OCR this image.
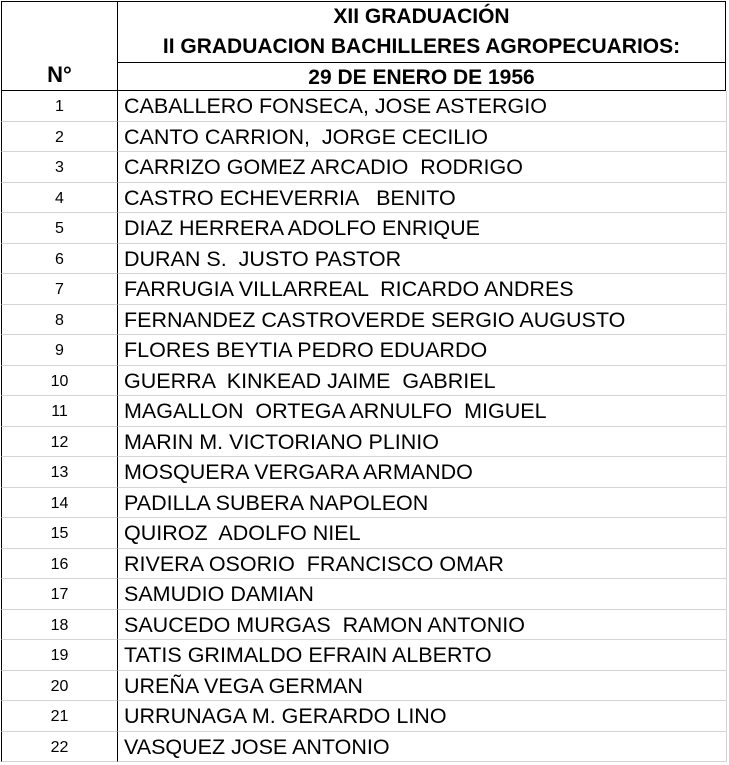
N°
XII GRADUACIÓN
II GRADUACION BACHILLERES AGROPECUARIOS:
29 DE ENERO DE 1956
1	CABALLERO FONSECA, JOSE ASTERGIO
2	CANTO CARRION,  JORGE CECILIO
3	CARRIZO GOMEZ ARCADIO  RODRIGO
4	CASTRO ECHEVERRIA   BENITO
5	DIAZ HERRERA ADOLFO ENRIQUE
6	DURAN S.  JUSTO PASTOR
7	FARRUGIA VILLARREAL  RICARDO ANDRES
8	FERNANDEZ CASTROVERDE SERGIO AUGUSTO
9	FLORES BEYTIA PEDRO EDUARDO
10	GUERRA  KINKEAD JAIME  GABRIEL
11	MAGALLON  ORTEGA ARNULFO  MIGUEL
12	MARIN M. VICTORIANO PLINIO
13	MOSQUERA VERGARA ARMANDO
14	PADILLA SUBERA NAPOLEON
15	QUIROZ  ADOLFO NIEL
16	RIVERA OSORIO  FRANCISCO OMAR
17	SAMUDIO DAMIAN
18	SAUCEDO MURGAS  RAMON ANTONIO
19	TATIS GRIMALDO EFRAIN ALBERTO
20	UREÑA VEGA GERMAN
21	URRUNAGA M. GERARDO LINO
22	VASQUEZ JOSE ANTONIO
